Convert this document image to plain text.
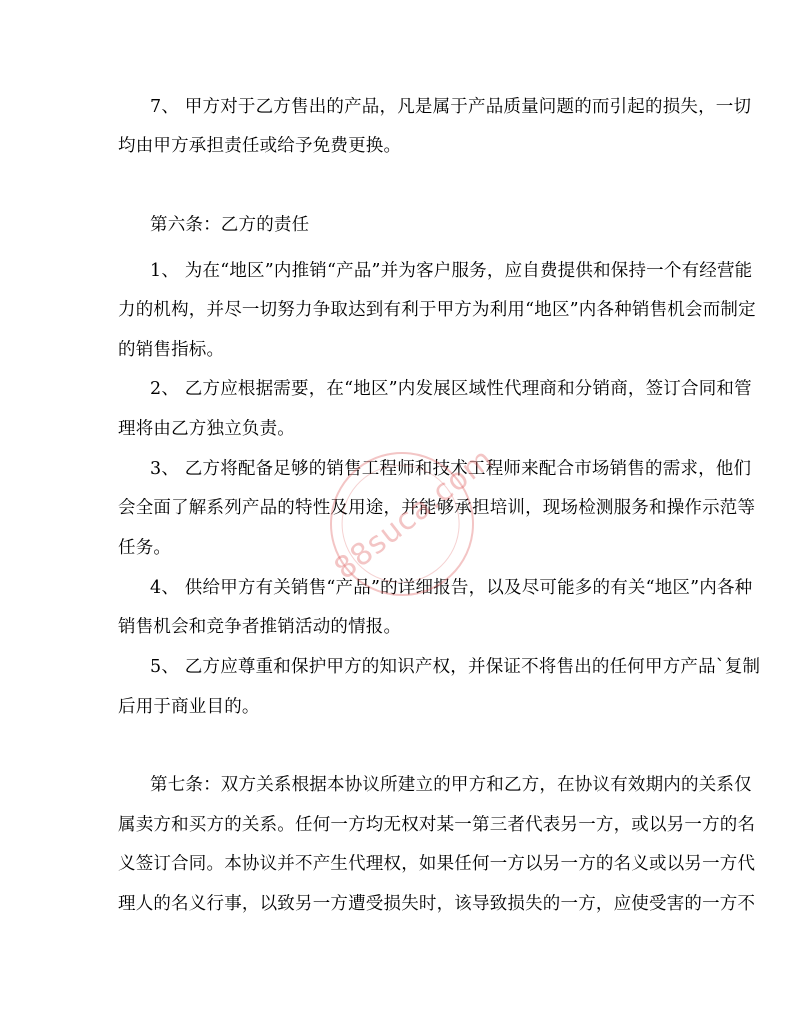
7、 甲方对于乙方售出的产品，凡是属于产品质量问题的而引起的损失，一切
均由甲方承担责任或给予免费更换。
第六条：乙方的责任
1、 为在“地区”内推销“产品”并为客户服务，应自费提供和保持一个有经营能
力的机构，并尽一切努力争取达到有利于甲方为利用“地区”内各种销售机会而制定
的销售指标。
2、 乙方应根据需要，在“地区”内发展区域性代理商和分销商，签订合同和管
理将由乙方独立负责。
3、 乙方将配备足够的销售工程师和技术工程师来配合市场销售的需求，他们
会全面了解系列产品的特性及用途，并能够承担培训，现场检测服务和操作示范等
任务。
4、 供给甲方有关销售“产品”的详细报告，以及尽可能多的有关“地区”内各种
销售机会和竞争者推销活动的情报。
5、 乙方应尊重和保护甲方的知识产权，并保证不将售出的任何甲方产品`复制
后用于商业目的。
第七条：双方关系根据本协议所建立的甲方和乙方，在协议有效期内的关系仅
属卖方和买方的关系。任何一方均无权对某一第三者代表另一方，或以另一方的名
义签订合同。本协议并不产生代理权，如果任何一方以另一方的名义或以另一方代
理人的名义行事，以致另一方遭受损失时，该导致损失的一方，应使受害的一方不
88suca.com
